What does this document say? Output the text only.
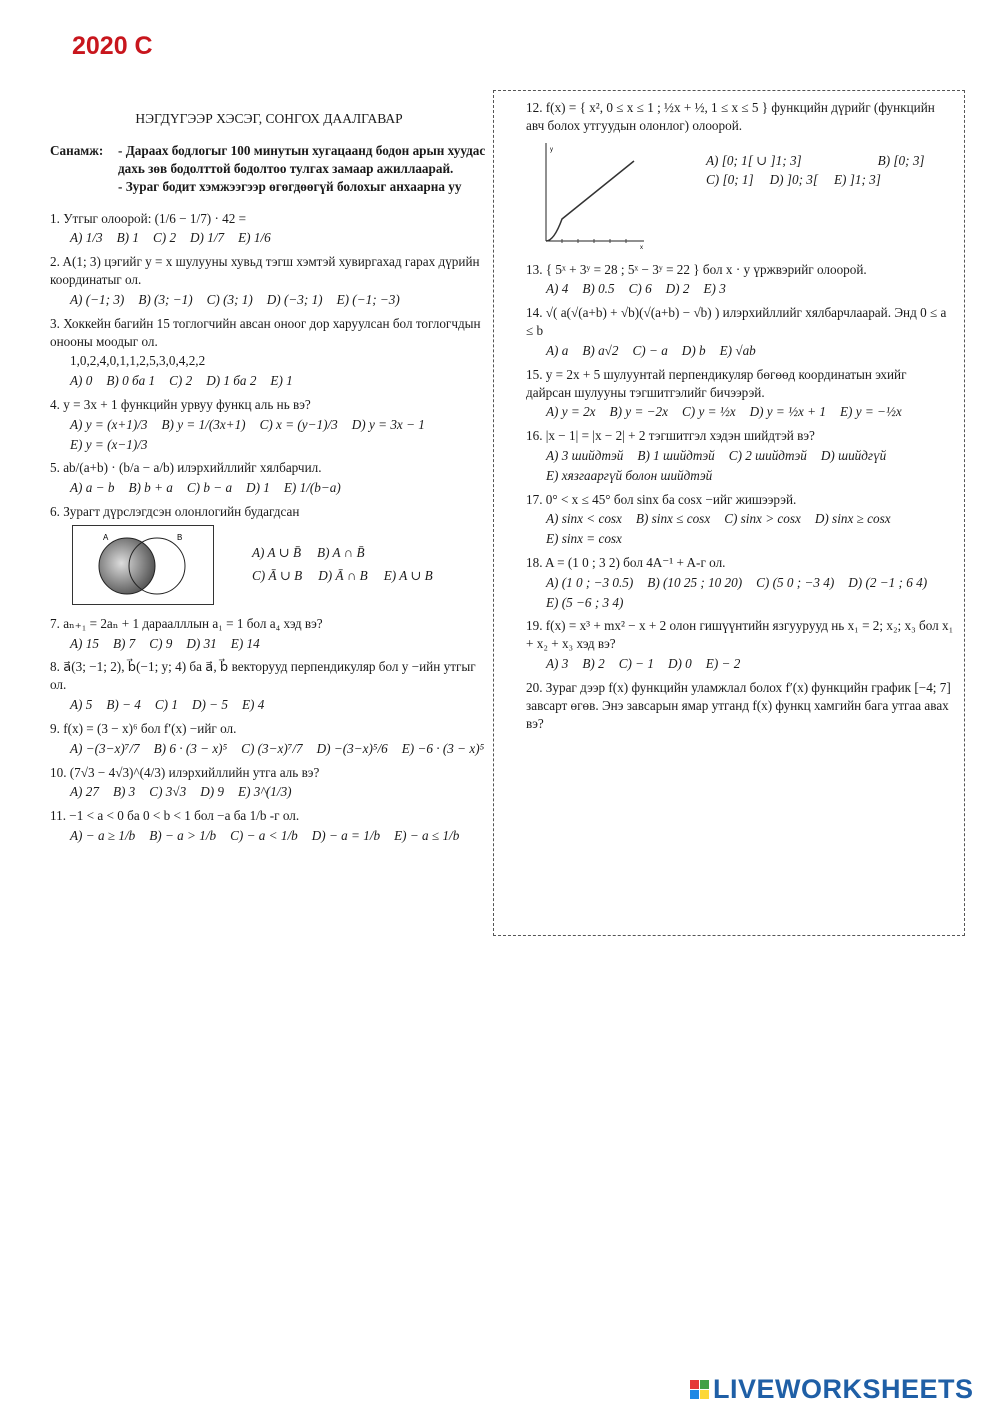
2020 C
НЭГДҮГЭЭР ХЭСЭГ, СОНГОХ ДААЛГАВАР
Санамж:	- Дараах бодлогыг 100 минутын хугацаанд бодон арын хуудас дахь зөв бодолттой бодолтоо тулгах замаар ажиллаарай.
- Зураг бодит хэмжээгээр өгөгдөөгүй болохыг анхаарна уу
1. Утгыг олоорой: (1/6 − 1/7) · 42 =
A) 1/3 B) 1 C) 2 D) 1/7 E) 1/6
2. A(1; 3) цэгийг y = x шулууны хувьд тэгш хэмтэй хувиргахад гарах дүрийн координатыг ол.
A) (−1; 3) B) (3; −1) C) (3; 1) D) (−3; 1) E) (−1; −3)
3. Хоккейн багийн 15 тоглогчийн авсан оноог дор харуулсан бол тоглогчдын онооны моодыг ол.
1,0,2,4,0,1,1,2,5,3,0,4,2,2
A) 0 B) 0 ба 1 C) 2 D) 1 ба 2 E) 1
4. y = 3x + 1 функцийн урвуу функц аль нь вэ?
A) y = (x+1)/3 B) y = 1/(3x+1) C) x = (y−1)/3 D) y = 3x − 1
E) y = (x−1)/3
5. ab/(a+b) · (b/a − a/b) илэрхийллийг хялбарчил.
A) a − b B) b + a C) b − a D) 1 E) 1/(b−a)
6. Зурагт дүрслэгдсэн олонлогийн будагдсан
A	B
A) A ∪ B̄ B) A ∩ B̄
C) Ā ∪ B D) Ā ∩ B E) A ∪ B
7. aₙ₊₁ = 2aₙ + 1 дараалллын a₁ = 1 бол a₄ хэд вэ?
A) 15 B) 7 C) 9 D) 31 E) 14
8. a⃗(3; −1; 2), b⃗(−1; y; 4) ба a⃗, b⃗ векторууд перпендикуляр бол y −ийн утгыг ол.
A) 5 B) − 4 C) 1 D) − 5 E) 4
9. f(x) = (3 − x)⁶ бол f′(x) −ийг ол.
A) −(3−x)⁷/7 B) 6 · (3 − x)⁵ C) (3−x)⁷/7 D) −(3−x)⁵/6 E) −6 · (3 − x)⁵
10. (7√3 − 4√3)^(4/3) илэрхийллийн утга аль вэ?
A) 27 B) 3 C) 3√3 D) 9 E) 3^(1/3)
11. −1 < a < 0 ба 0 < b < 1 бол −a ба 1/b -г ол.
A) − a ≥ 1/b B) − a > 1/b C) − a < 1/b D) − a = 1/b E) − a ≤ 1/b
12. f(x) = { x², 0 ≤ x ≤ 1 ; ½x + ½, 1 ≤ x ≤ 5 } функцийн дүрийг (функцийн авч болох утгуудын олонлог) олоорой.
y
x
A) [0; 1[ ∪ ]1; 3]	B) [0; 3]
C) [0; 1] D) ]0; 3[ E) ]1; 3]
13. { 5ˣ + 3ʸ = 28 ; 5ˣ − 3ʸ = 22 } бол x · y үржвэрийг олоорой.
A) 4 B) 0.5 C) 6 D) 2 E) 3
14. √( a(√(a+b) + √b)(√(a+b) − √b) ) илэрхийллийг хялбарчлаарай. Энд 0 ≤ a ≤ b
A) a B) a√2 C) − a D) b E) √ab
15. y = 2x + 5 шулуунтай перпендикуляр бөгөөд координатын эхийг дайрсан шулууны тэгшитгэлийг бичээрэй.
A) y = 2x B) y = −2x C) y = ½x D) y = ½x + 1 E) y = −½x
16. |x − 1| = |x − 2| + 2 тэгшитгэл хэдэн шийдтэй вэ?
A) 3 шийдтэй B) 1 шийдтэй C) 2 шийдтэй D) шийдгүй
E) хязгааргүй болон шийдтэй
17. 0° < x ≤ 45° бол sinx ба cosx −ийг жишээрэй.
A) sinx < cosx B) sinx ≤ cosx C) sinx > cosx D) sinx ≥ cosx
E) sinx = cosx
18. A = (1 0 ; 3 2) бол 4A⁻¹ + A-г ол.
A) (1 0 ; −3 0.5) B) (10 25 ; 10 20) C) (5 0 ; −3 4) D) (2 −1 ; 6 4)
E) (5 −6 ; 3 4)
19. f(x) = x³ + mx² − x + 2 олон гишүүнтийн язгуурууд нь x₁ = 2; x₂; x₃ бол x₁ + x₂ + x₃ хэд вэ?
A) 3 B) 2 C) − 1 D) 0 E) − 2
20. Зураг дээр f(x) функцийн уламжлал болох f′(x) функцийн график [−4; 7] завсарт өгөв. Энэ завсарын ямар утганд f(x) функц хамгийн бага утгаа авах вэ?
LIVEWORKSHEETS
